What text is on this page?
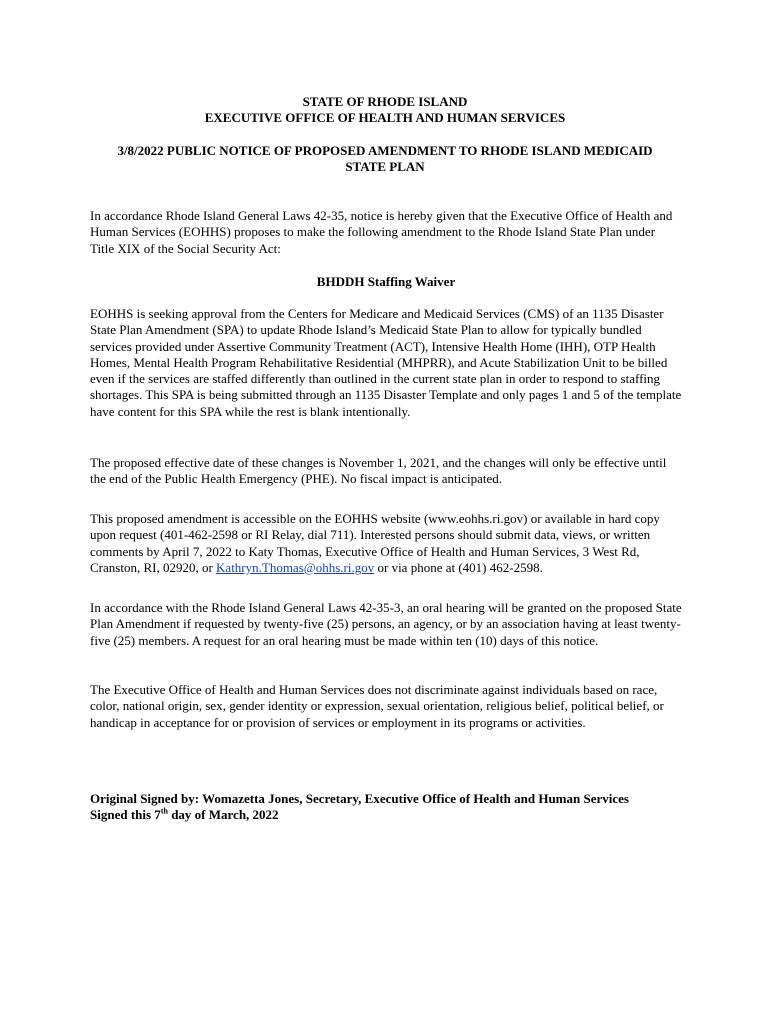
STATE OF RHODE ISLAND
EXECUTIVE OFFICE OF HEALTH AND HUMAN SERVICES
3/8/2022 PUBLIC NOTICE OF PROPOSED AMENDMENT TO RHODE ISLAND MEDICAID
STATE PLAN

In accordance Rhode Island General Laws 42-35, notice is hereby given that the Executive Office of Health and Human Services (EOHHS) proposes to make the following amendment to the Rhode Island State Plan under Title XIX of the Social Security Act:

BHDDH Staffing Waiver

EOHHS is seeking approval from the Centers for Medicare and Medicaid Services (CMS) of an 1135 Disaster State Plan Amendment (SPA) to update Rhode Island’s Medicaid State Plan to allow for typically bundled services provided under Assertive Community Treatment (ACT), Intensive Health Home (IHH), OTP Health Homes, Mental Health Program Rehabilitative Residential (MHPRR), and Acute Stabilization Unit to be billed even if the services are staffed differently than outlined in the current state plan in order to respond to staffing shortages. This SPA is being submitted through an 1135 Disaster Template and only pages 1 and 5 of the template have content for this SPA while the rest is blank intentionally.

The proposed effective date of these changes is November 1, 2021, and the changes will only be effective until the end of the Public Health Emergency (PHE). No fiscal impact is anticipated.

This proposed amendment is accessible on the EOHHS website (www.eohhs.ri.gov) or available in hard copy upon request (401-462-2598 or RI Relay, dial 711). Interested persons should submit data, views, or written comments by April 7, 2022 to Katy Thomas, Executive Office of Health and Human Services, 3 West Rd, Cranston, RI, 02920, or Kathryn.Thomas@ohhs.ri.gov or via phone at (401) 462-2598.

In accordance with the Rhode Island General Laws 42-35-3, an oral hearing will be granted on the proposed State Plan Amendment if requested by twenty-five (25) persons, an agency, or by an association having at least twenty-five (25) members. A request for an oral hearing must be made within ten (10) days of this notice.

The Executive Office of Health and Human Services does not discriminate against individuals based on race, color, national origin, sex, gender identity or expression, sexual orientation, religious belief, political belief, or handicap in acceptance for or provision of services or employment in its programs or activities.

Original Signed by: Womazetta Jones, Secretary, Executive Office of Health and Human Services
Signed this 7th day of March, 2022
